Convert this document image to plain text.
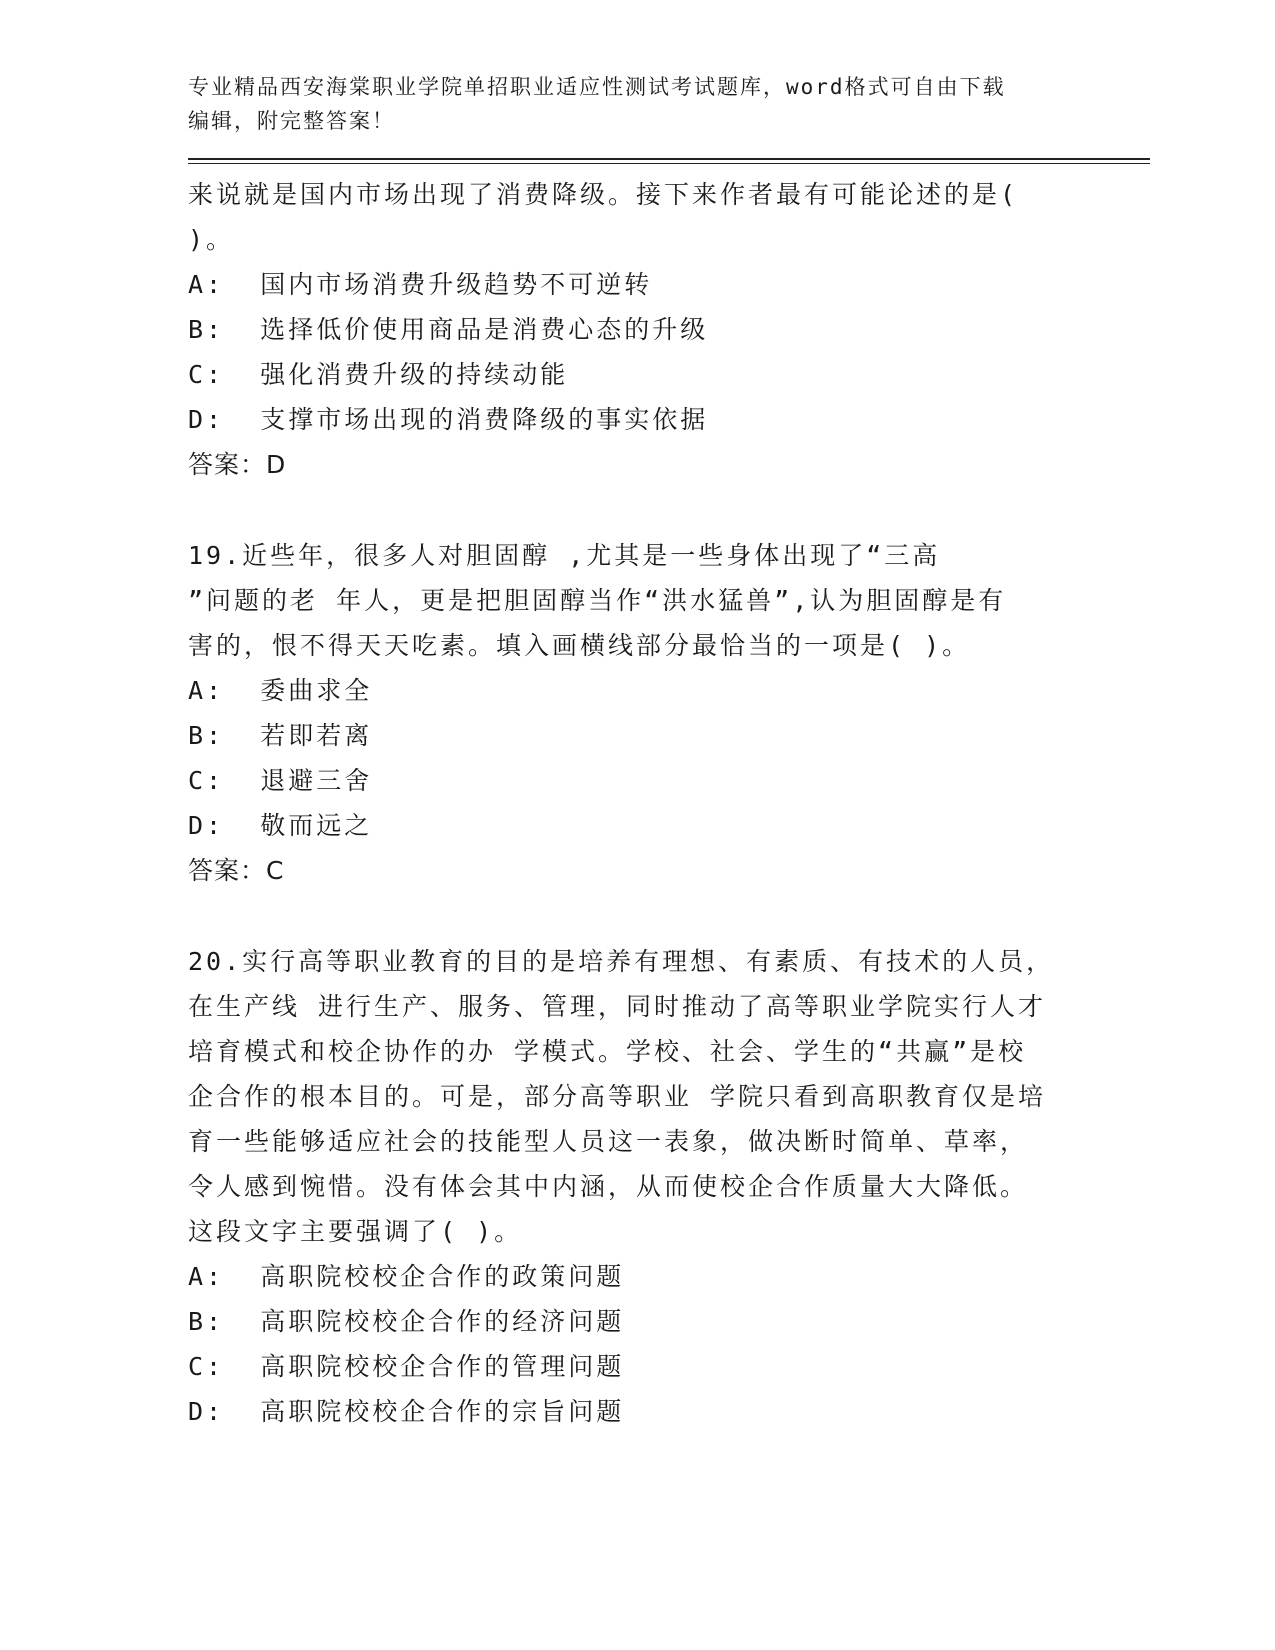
专业精品西安海棠职业学院单招职业适应性测试考试题库，word格式可自由下载
编辑，附完整答案！
来说就是国内市场出现了消费降级。接下来作者最有可能论述的是(
)。
A:  国内市场消费升级趋势不可逆转
B:  选择低价使用商品是消费心态的升级
C:  强化消费升级的持续动能
D:  支撑市场出现的消费降级的事实依据
答案：D
19.近些年，很多人对胆固醇 ,尤其是一些身体出现了“三高
”问题的老 年人，更是把胆固醇当作“洪水猛兽”,认为胆固醇是有
害的，恨不得天天吃素。填入画横线部分最恰当的一项是( )。
A:  委曲求全
B:  若即若离
C:  退避三舍
D:  敬而远之
答案：C
20.实行高等职业教育的目的是培养有理想、有素质、有技术的人员，
在生产线 进行生产、服务、管理，同时推动了高等职业学院实行人才
培育模式和校企协作的办 学模式。学校、社会、学生的“共赢”是校
企合作的根本目的。可是，部分高等职业 学院只看到高职教育仅是培
育一些能够适应社会的技能型人员这一表象，做决断时简单、草率，
令人感到惋惜。没有体会其中内涵，从而使校企合作质量大大降低。
这段文字主要强调了( )。
A:  高职院校校企合作的政策问题
B:  高职院校校企合作的经济问题
C:  高职院校校企合作的管理问题
D:  高职院校校企合作的宗旨问题
